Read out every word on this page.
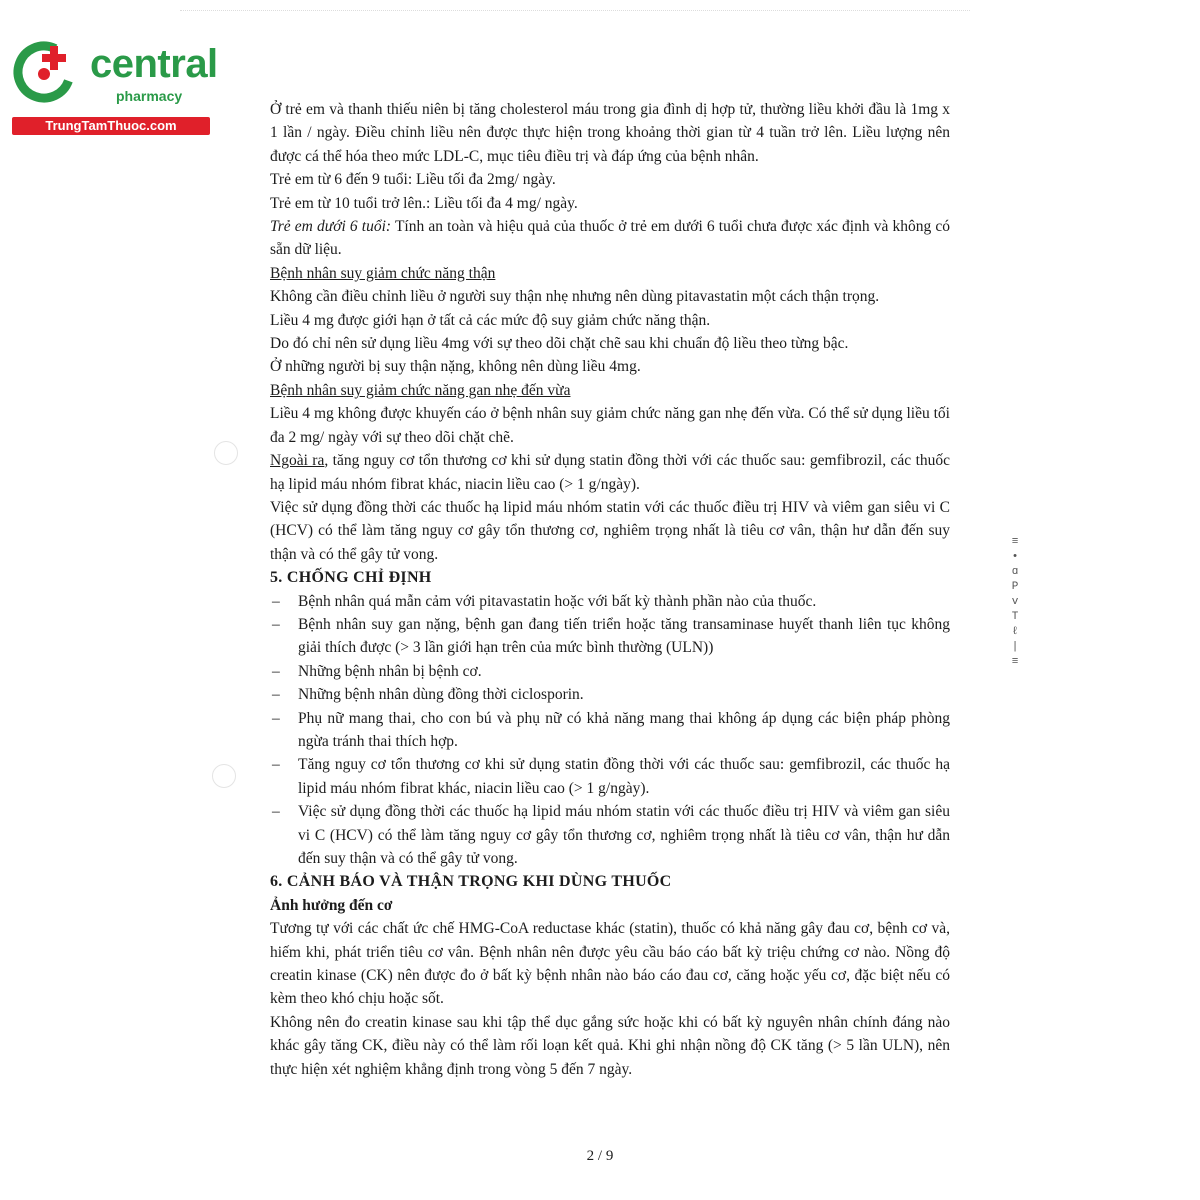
central
pharmacy
TrungTamThuoc.com

Ở trẻ em và thanh thiếu niên bị tăng cholesterol máu trong gia đình dị hợp tử, thường liều khởi đầu là 1mg x 1 lần / ngày. Điều chỉnh liều nên được thực hiện trong khoảng thời gian từ 4 tuần trở lên. Liều lượng nên được cá thể hóa theo mức LDL-C, mục tiêu điều trị và đáp ứng của bệnh nhân.

Trẻ em từ 6 đến 9 tuổi: Liều tối đa 2mg/ ngày.

Trẻ em từ 10 tuổi trở lên.: Liều tối đa 4 mg/ ngày.

Trẻ em dưới 6 tuổi: Tính an toàn và hiệu quả của thuốc ở trẻ em dưới 6 tuổi chưa được xác định và không có sẵn dữ liệu.

Bệnh nhân suy giảm chức năng thận

Không cần điều chỉnh liều ở người suy thận nhẹ nhưng nên dùng pitavastatin một cách thận trọng.

Liều 4 mg được giới hạn ở tất cả các mức độ suy giảm chức năng thận.

Do đó chỉ nên sử dụng liều 4mg với sự theo dõi chặt chẽ sau khi chuẩn độ liều theo từng bậc.

Ở những người bị suy thận nặng, không nên dùng liều 4mg.

Bệnh nhân suy giảm chức năng gan nhẹ đến vừa

Liều 4 mg không được khuyến cáo ở bệnh nhân suy giảm chức năng gan nhẹ đến vừa. Có thể sử dụng liều tối đa 2 mg/ ngày với sự theo dõi chặt chẽ.

Ngoài ra, tăng nguy cơ tổn thương cơ khi sử dụng statin đồng thời với các thuốc sau: gemfibrozil, các thuốc hạ lipid máu nhóm fibrat khác, niacin liều cao (> 1 g/ngày).

Việc sử dụng đồng thời các thuốc hạ lipid máu nhóm statin với các thuốc điều trị HIV và viêm gan siêu vi C (HCV) có thể làm tăng nguy cơ gây tổn thương cơ, nghiêm trọng nhất là tiêu cơ vân, thận hư dẫn đến suy thận và có thể gây tử vong.

5. CHỐNG CHỈ ĐỊNH

– Bệnh nhân quá mẫn cảm với pitavastatin hoặc với bất kỳ thành phần nào của thuốc.
– Bệnh nhân suy gan nặng, bệnh gan đang tiến triển hoặc tăng transaminase huyết thanh liên tục không giải thích được (> 3 lần giới hạn trên của mức bình thường (ULN))
– Những bệnh nhân bị bệnh cơ.
– Những bệnh nhân dùng đồng thời ciclosporin.
– Phụ nữ mang thai, cho con bú và phụ nữ có khả năng mang thai không áp dụng các biện pháp phòng ngừa tránh thai thích hợp.
– Tăng nguy cơ tổn thương cơ khi sử dụng statin đồng thời với các thuốc sau: gemfibrozil, các thuốc hạ lipid máu nhóm fibrat khác, niacin liều cao (> 1 g/ngày).
– Việc sử dụng đồng thời các thuốc hạ lipid máu nhóm statin với các thuốc điều trị HIV và viêm gan siêu vi C (HCV) có thể làm tăng nguy cơ gây tổn thương cơ, nghiêm trọng nhất là tiêu cơ vân, thận hư dẫn đến suy thận và có thể gây tử vong.

6. CẢNH BÁO VÀ THẬN TRỌNG KHI DÙNG THUỐC

Ảnh hưởng đến cơ

Tương tự với các chất ức chế HMG-CoA reductase khác (statin), thuốc có khả năng gây đau cơ, bệnh cơ và, hiếm khi, phát triển tiêu cơ vân. Bệnh nhân nên được yêu cầu báo cáo bất kỳ triệu chứng cơ nào. Nồng độ creatin kinase (CK) nên được đo ở bất kỳ bệnh nhân nào báo cáo đau cơ, căng hoặc yếu cơ, đặc biệt nếu có kèm theo khó chịu hoặc sốt.

Không nên đo creatin kinase sau khi tập thể dục gắng sức hoặc khi có bất kỳ nguyên nhân chính đáng nào khác gây tăng CK, điều này có thể làm rối loạn kết quả. Khi ghi nhận nồng độ CK tăng (> 5 lần ULN), nên thực hiện xét nghiệm khẳng định trong vòng 5 đến 7 ngày.

≡
•
ɑ
P
v
T
ℓ
|
≡
2 / 9
